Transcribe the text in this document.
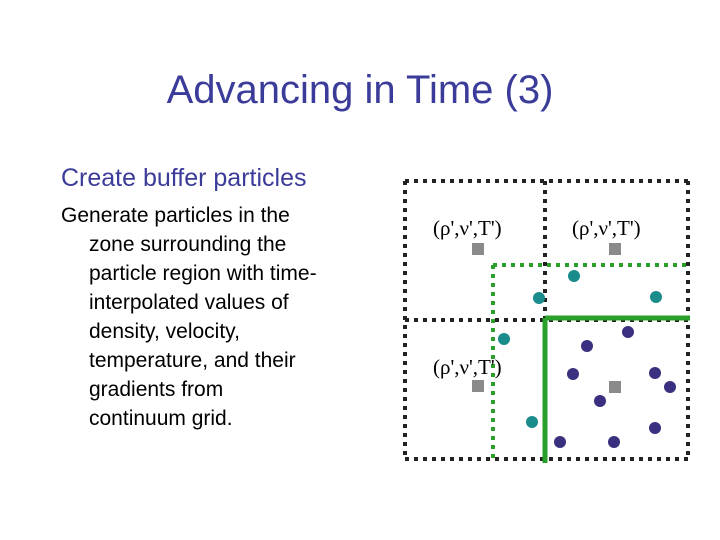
Advancing in Time (3)
Create buffer particles
Generate particles in the
zone surrounding the
particle region with time-
interpolated values of
density, velocity,
temperature, and their
gradients from
continuum grid.
(ρ',ν',T')	(ρ',ν',T')
(ρ',ν',T')
